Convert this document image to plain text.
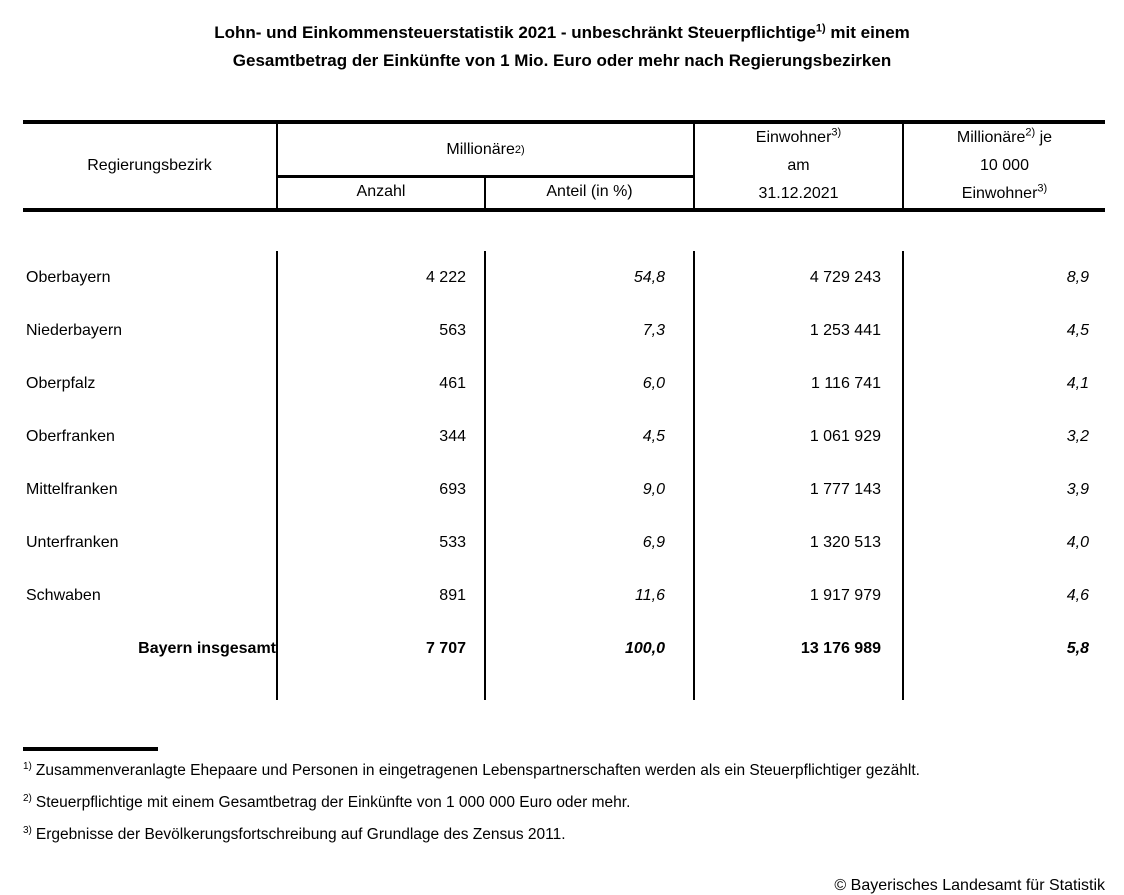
Lohn- und Einkommensteuerstatistik 2021 - unbeschränkt Steuerpflichtige$^{1)}$ mit einem
Gesamtbetrag der Einkünfte von 1 Mio. Euro oder mehr nach Regierungsbezirken
Regierungsbezirk
Millionäre 2)
Anzahl	Anteil (in %)
Einwohner$^{3)}$
am
31.12.2021
Millionäre$^{2)}$ je
10 000
Einwohner$^{3)}$
Oberbayern	4 222	54,8	4 729 243	8,9
Niederbayern	563	7,3	1 253 441	4,5
Oberpfalz	461	6,0	1 116 741	4,1
Oberfranken	344	4,5	1 061 929	3,2
Mittelfranken	693	9,0	1 777 143	3,9
Unterfranken	533	6,9	1 320 513	4,0
Schwaben	891	11,6	1 917 979	4,6
Bayern insgesamt	7 707	100,0	13 176 989	5,8
$^{1)}$ Zusammenveranlagte Ehepaare und Personen in eingetragenen Lebenspartnerschaften werden als ein Steuerpflichtiger gezählt.
$^{2)}$ Steuerpflichtige mit einem Gesamtbetrag der Einkünfte von 1 000 000 Euro oder mehr.
$^{3)}$ Ergebnisse der Bevölkerungsfortschreibung auf Grundlage des Zensus 2011.
© Bayerisches Landesamt für Statistik
